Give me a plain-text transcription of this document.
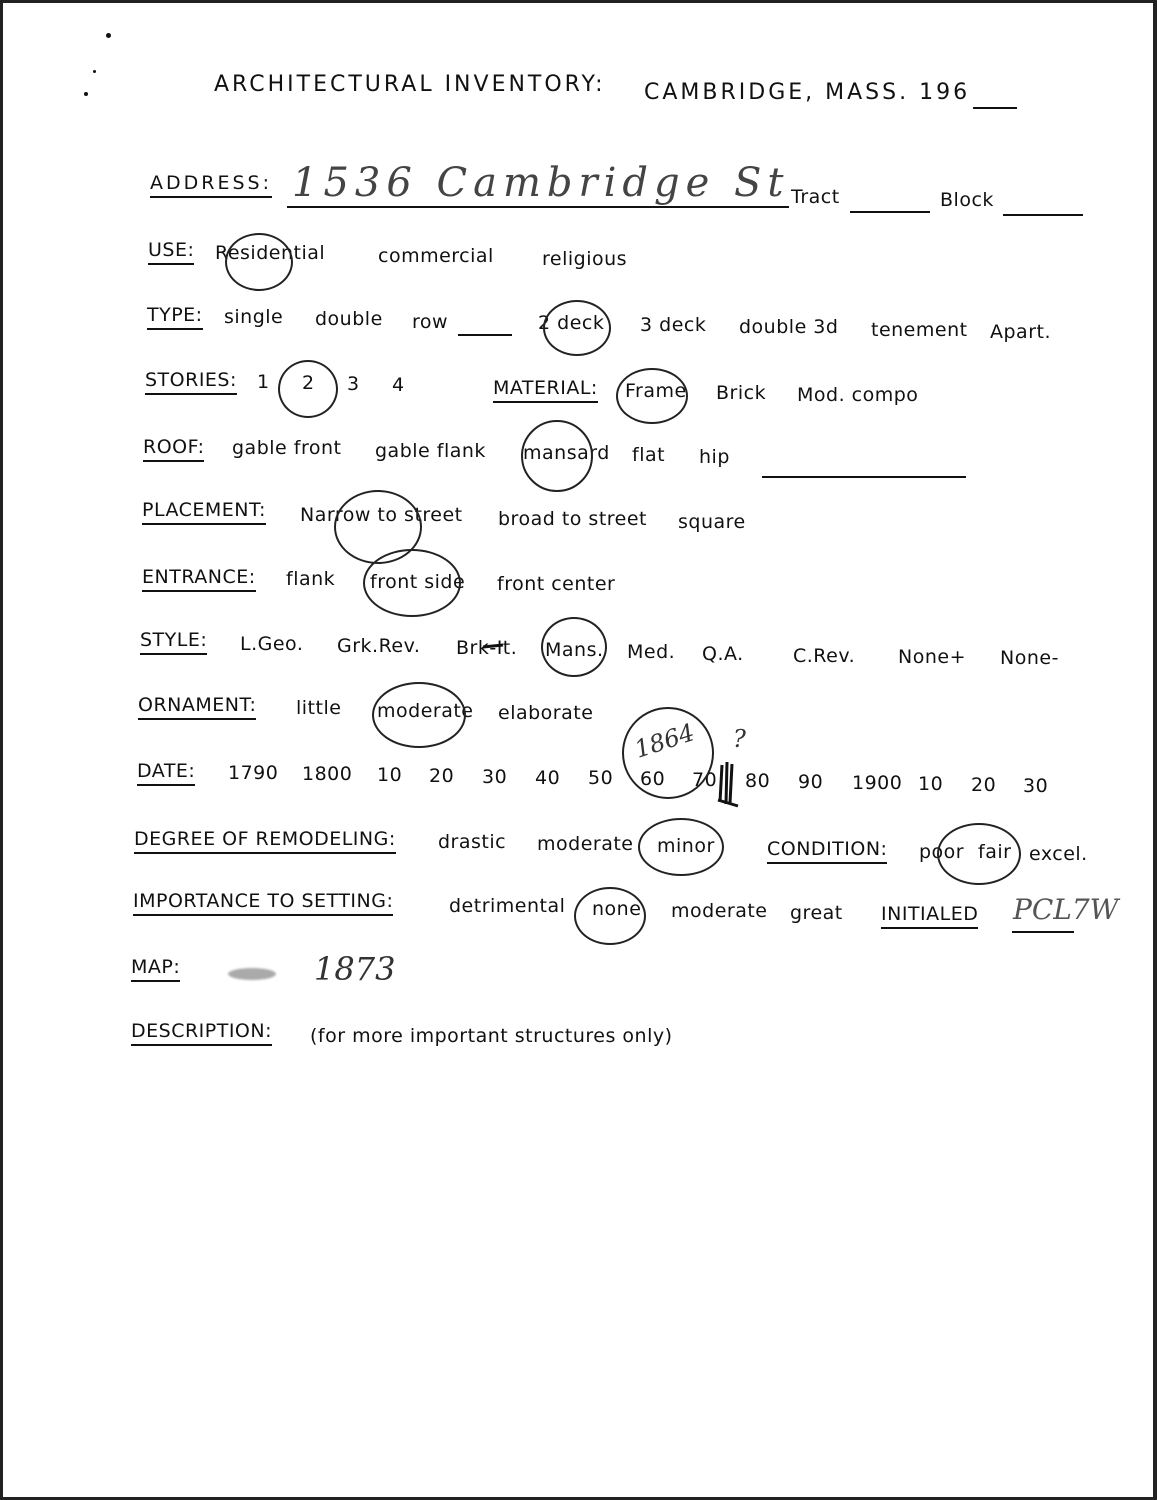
ARCHITECTURAL INVENTORY: CAMBRIDGE, MASS. 196
ADDRESS: 1536 Cambridge St Tract	Block
USE: Residential	commercial	religious
TYPE: single double row	2 deck 3 deck double 3d tenement Apart.
STORIES: 1 2 3 4	MATERIAL: Frame Brick Mod. compo
ROOF: gable front gable flank mansard flat hip
PLACEMENT: Narrow to street broad to street square
ENTRANCE: flank front side front center
STYLE: L.Geo. Grk.Rev. Brk-It. Mans. Med. Q.A.	C.Rev. None+ None-
ORNAMENT: little moderate elaborate
DATE: 1790 1800 10 20 30 40 50 60 70 80 90 1900 10 20 30
1864 ?
DEGREE OF REMODELING: drastic moderate minor	CONDITION: poor fair excel.
IMPORTANCE TO SETTING:	detrimental none moderate great INITIALED PCL7W
MAP:	1873
DESCRIPTION: (for more important structures only)
